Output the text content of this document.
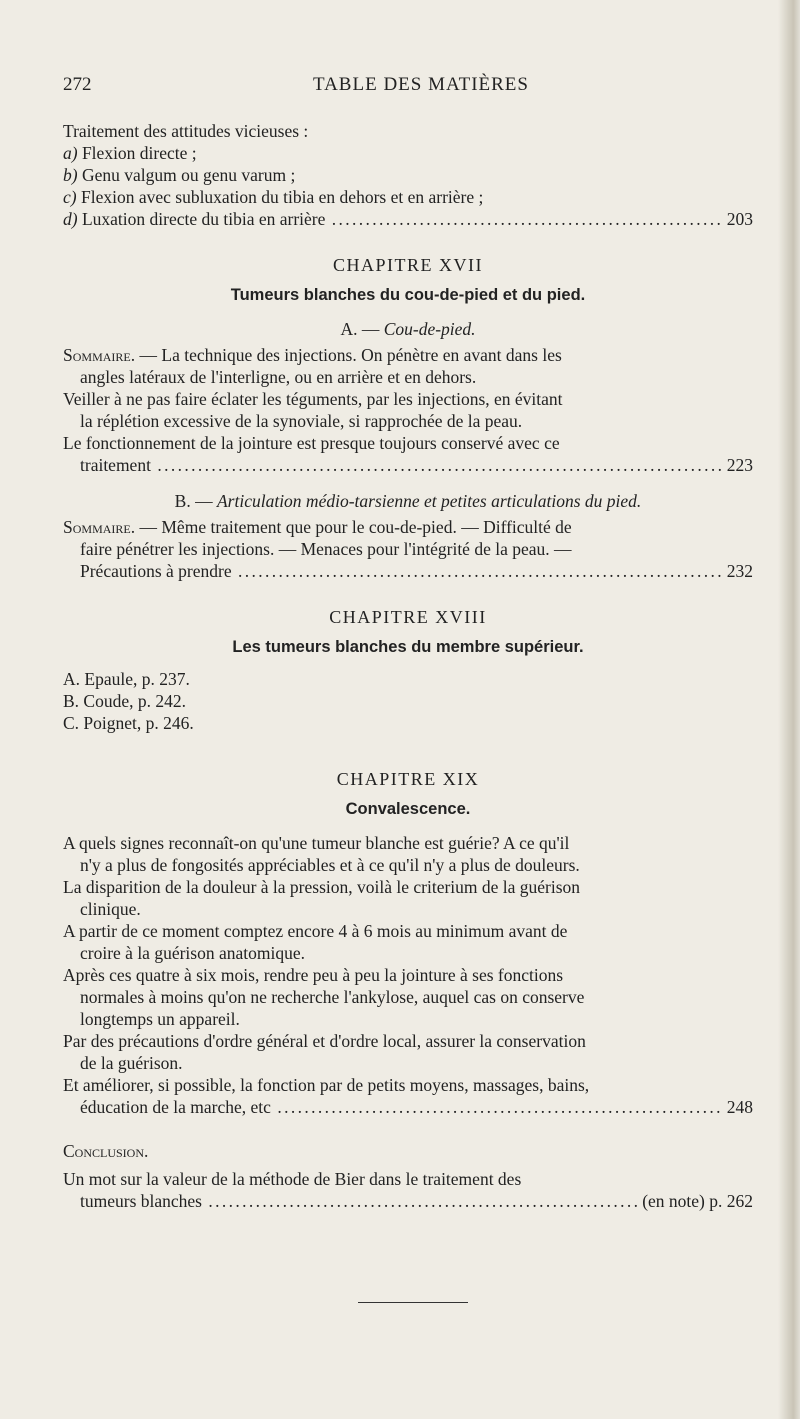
272	TABLE DES MATIÈRES
Traitement des attitudes vicieuses :
a) Flexion directe ;
b) Genu valgum ou genu varum ;
c) Flexion avec subluxation du tibia en dehors et en arrière ;
d) Luxation directe du tibia en arrière	203
. . .
CHAPITRE XVII
Tumeurs blanches du cou-de-pied et du pied.
A. — Cou-de-pied.
Sommaire. — La technique des injections. On pénètre en avant dans les
angles latéraux de l'interligne, ou en arrière et en dehors.
Veiller à ne pas faire éclater les téguments, par les injections, en évitant
la réplétion excessive de la synoviale, si rapprochée de la peau.
Le fonctionnement de la jointure est presque toujours conservé avec ce
traitement	223
. . .
B. — Articulation médio-tarsienne et petites articulations du pied.
Sommaire. — Même traitement que pour le cou-de-pied. — Difficulté de
faire pénétrer les injections. — Menaces pour l'intégrité de la peau. —
Précautions à prendre	232
. . .
CHAPITRE XVIII
Les tumeurs blanches du membre supérieur.
A. Epaule, p. 237.
B. Coude, p. 242.
C. Poignet, p. 246.
CHAPITRE XIX
Convalescence.
A quels signes reconnaît-on qu'une tumeur blanche est guérie? A ce qu'il
n'y a plus de fongosités appréciables et à ce qu'il n'y a plus de douleurs.
La disparition de la douleur à la pression, voilà le criterium de la guérison
clinique.
A partir de ce moment comptez encore 4 à 6 mois au minimum avant de
croire à la guérison anatomique.
Après ces quatre à six mois, rendre peu à peu la jointure à ses fonctions
normales à moins qu'on ne recherche l'ankylose, auquel cas on conserve
longtemps un appareil.
Par des précautions d'ordre général et d'ordre local, assurer la conservation
de la guérison.
Et améliorer, si possible, la fonction par de petits moyens, massages, bains,
éducation de la marche, etc	248
. . .
Conclusion.
Un mot sur la valeur de la méthode de Bier dans le traitement des
tumeurs blanches	(en note) p. 262
. . .
